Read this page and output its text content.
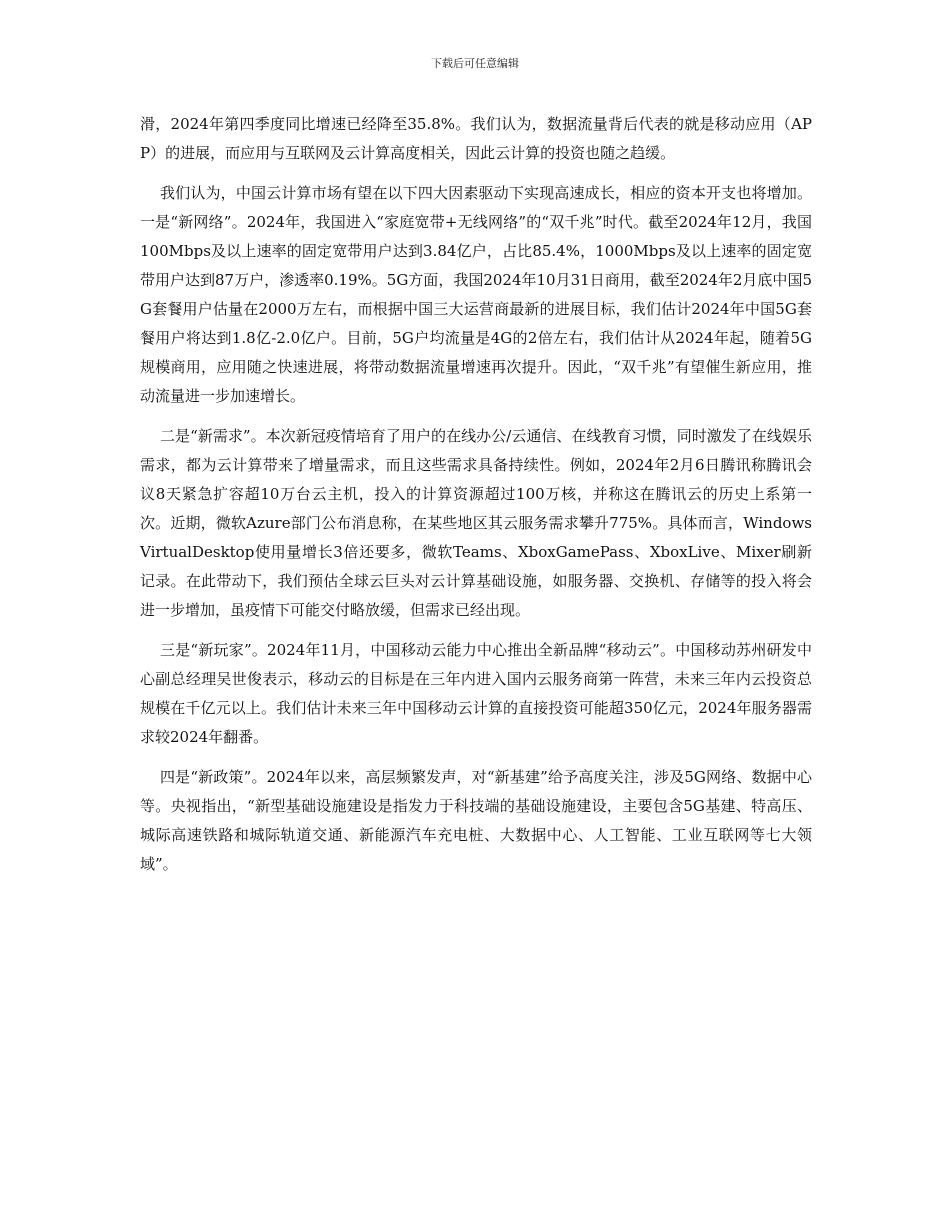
下载后可任意编辑

滑，2024年第四季度同比增速已经降至35.8%。我们认为，数据流量背后代表的就是移动应用（APP）的进展，而应用与互联网及云计算高度相关，因此云计算的投资也随之趋缓。

我们认为，中国云计算市场有望在以下四大因素驱动下实现高速成长，相应的资本开支也将增加。一是“新网络”。2024年，我国进入“家庭宽带+无线网络”的“双千兆”时代。截至2024年12月，我国100Mbps及以上速率的固定宽带用户达到3.84亿户，占比85.4%，1000Mbps及以上速率的固定宽带用户达到87万户，渗透率0.19%。5G方面，我国2024年10月31日商用，截至2024年2月底中国5G套餐用户估量在2000万左右，而根据中国三大运营商最新的进展目标，我们估计2024年中国5G套餐用户将达到1.8亿-2.0亿户。目前，5G户均流量是4G的2倍左右，我们估计从2024年起，随着5G规模商用，应用随之快速进展，将带动数据流量增速再次提升。因此，“双千兆”有望催生新应用，推动流量进一步加速增长。

二是“新需求”。本次新冠疫情培育了用户的在线办公/云通信、在线教育习惯，同时激发了在线娱乐需求，都为云计算带来了增量需求，而且这些需求具备持续性。例如，2024年2月6日腾讯称腾讯会议8天紧急扩容超10万台云主机，投入的计算资源超过100万核，并称这在腾讯云的历史上系第一次。近期，微软Azure部门公布消息称，在某些地区其云服务需求攀升775%。具体而言，WindowsVirtualDesktop使用量增长3倍还要多，微软Teams、XboxGamePass、XboxLive、Mixer刷新记录。在此带动下，我们预估全球云巨头对云计算基础设施，如服务器、交换机、存储等的投入将会进一步增加，虽疫情下可能交付略放缓，但需求已经出现。

三是“新玩家”。2024年11月，中国移动云能力中心推出全新品牌“移动云”。中国移动苏州研发中心副总经理吴世俊表示，移动云的目标是在三年内进入国内云服务商第一阵营，未来三年内云投资总规模在千亿元以上。我们估计未来三年中国移动云计算的直接投资可能超350亿元，2024年服务器需求较2024年翻番。

四是“新政策”。2024年以来，高层频繁发声，对“新基建”给予高度关注，涉及5G网络、数据中心等。央视指出，“新型基础设施建设是指发力于科技端的基础设施建设，主要包含5G基建、特高压、城际高速铁路和城际轨道交通、新能源汽车充电桩、大数据中心、人工智能、工业互联网等七大领域”。
